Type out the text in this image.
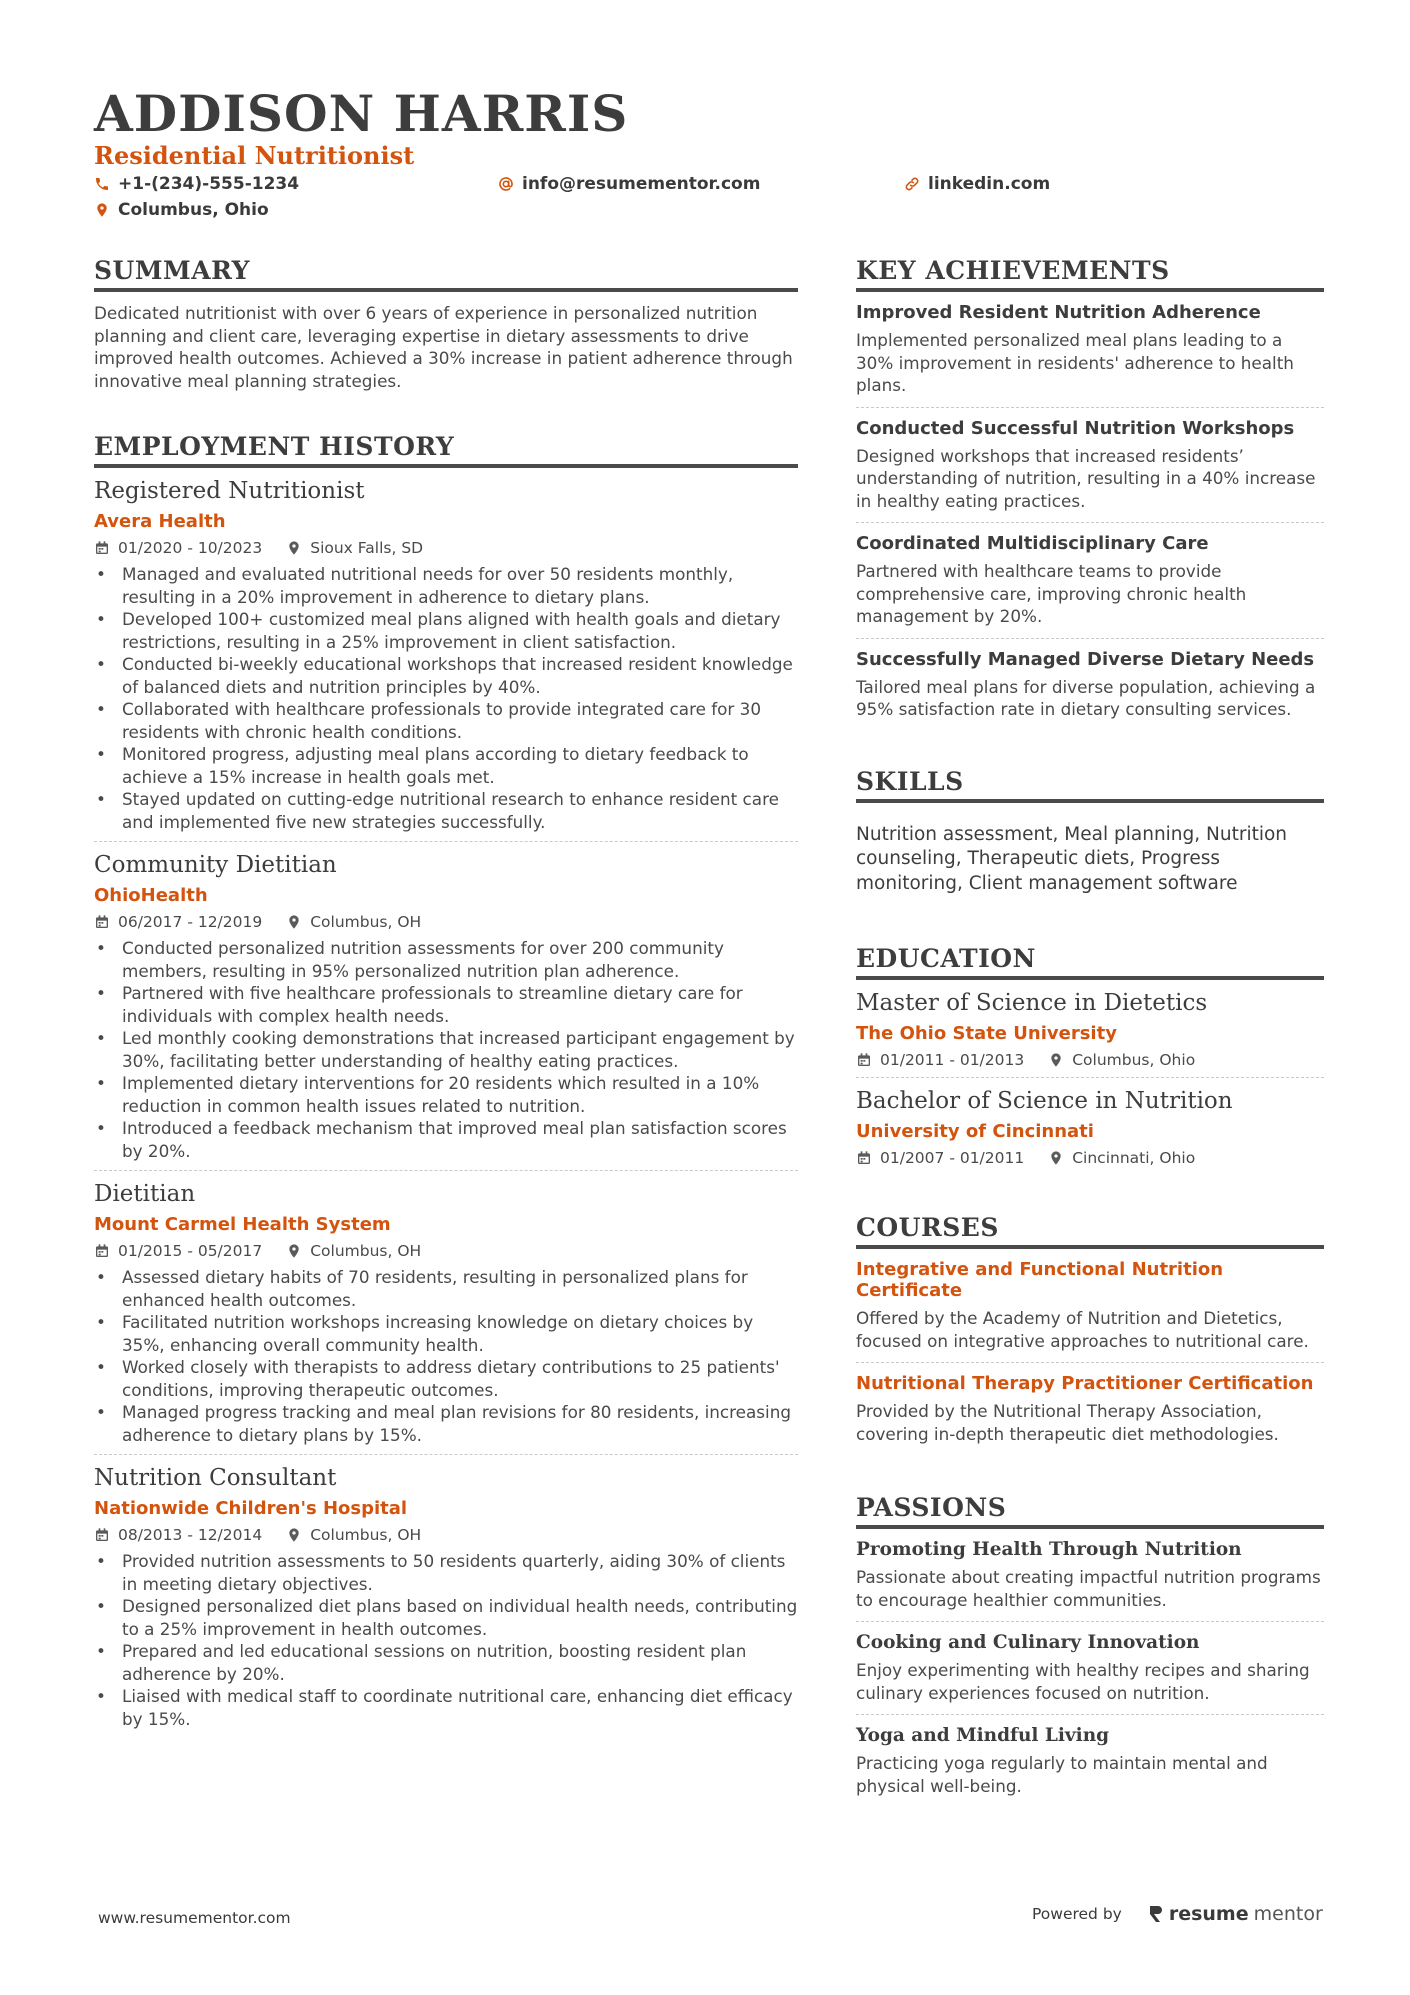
ADDISON HARRIS
Residential Nutritionist
+1-(234)-555-1234	info@resumementor.com	linkedin.com
Columbus, Ohio
SUMMARY
Dedicated nutritionist with over 6 years of experience in personalized nutrition planning and client care, leveraging expertise in dietary assessments to drive improved health outcomes. Achieved a 30% increase in patient adherence through innovative meal planning strategies.
EMPLOYMENT HISTORY
Registered Nutritionist
Avera Health
01/2020 - 10/2023	Sioux Falls, SD
• Managed and evaluated nutritional needs for over 50 residents monthly, resulting in a 20% improvement in adherence to dietary plans.
• Developed 100+ customized meal plans aligned with health goals and dietary restrictions, resulting in a 25% improvement in client satisfaction.
• Conducted bi-weekly educational workshops that increased resident knowledge of balanced diets and nutrition principles by 40%.
• Collaborated with healthcare professionals to provide integrated care for 30 residents with chronic health conditions.
• Monitored progress, adjusting meal plans according to dietary feedback to achieve a 15% increase in health goals met.
• Stayed updated on cutting-edge nutritional research to enhance resident care and implemented five new strategies successfully.
Community Dietitian
OhioHealth
06/2017 - 12/2019	Columbus, OH
• Conducted personalized nutrition assessments for over 200 community members, resulting in 95% personalized nutrition plan adherence.
• Partnered with five healthcare professionals to streamline dietary care for individuals with complex health needs.
• Led monthly cooking demonstrations that increased participant engagement by 30%, facilitating better understanding of healthy eating practices.
• Implemented dietary interventions for 20 residents which resulted in a 10% reduction in common health issues related to nutrition.
• Introduced a feedback mechanism that improved meal plan satisfaction scores by 20%.
Dietitian
Mount Carmel Health System
01/2015 - 05/2017	Columbus, OH
• Assessed dietary habits of 70 residents, resulting in personalized plans for enhanced health outcomes.
• Facilitated nutrition workshops increasing knowledge on dietary choices by 35%, enhancing overall community health.
• Worked closely with therapists to address dietary contributions to 25 patients' conditions, improving therapeutic outcomes.
• Managed progress tracking and meal plan revisions for 80 residents, increasing adherence to dietary plans by 15%.
Nutrition Consultant
Nationwide Children's Hospital
08/2013 - 12/2014	Columbus, OH
• Provided nutrition assessments to 50 residents quarterly, aiding 30% of clients in meeting dietary objectives.
• Designed personalized diet plans based on individual health needs, contributing to a 25% improvement in health outcomes.
• Prepared and led educational sessions on nutrition, boosting resident plan adherence by 20%.
• Liaised with medical staff to coordinate nutritional care, enhancing diet efficacy by 15%.
KEY ACHIEVEMENTS
Improved Resident Nutrition Adherence
Implemented personalized meal plans leading to a 30% improvement in residents' adherence to health plans.
Conducted Successful Nutrition Workshops
Designed workshops that increased residents’ understanding of nutrition, resulting in a 40% increase in healthy eating practices.
Coordinated Multidisciplinary Care
Partnered with healthcare teams to provide comprehensive care, improving chronic health management by 20%.
Successfully Managed Diverse Dietary Needs
Tailored meal plans for diverse population, achieving a 95% satisfaction rate in dietary consulting services.
SKILLS
Nutrition assessment, Meal planning, Nutrition counseling, Therapeutic diets, Progress monitoring, Client management software
EDUCATION
Master of Science in Dietetics
The Ohio State University
01/2011 - 01/2013	Columbus, Ohio
Bachelor of Science in Nutrition
University of Cincinnati
01/2007 - 01/2011	Cincinnati, Ohio
COURSES
Integrative and Functional Nutrition Certificate
Offered by the Academy of Nutrition and Dietetics, focused on integrative approaches to nutritional care.
Nutritional Therapy Practitioner Certification
Provided by the Nutritional Therapy Association, covering in-depth therapeutic diet methodologies.
PASSIONS
Promoting Health Through Nutrition
Passionate about creating impactful nutrition programs to encourage healthier communities.
Cooking and Culinary Innovation
Enjoy experimenting with healthy recipes and sharing culinary experiences focused on nutrition.
Yoga and Mindful Living
Practicing yoga regularly to maintain mental and physical well-being.
www.resumementor.com	Powered by resume mentor
